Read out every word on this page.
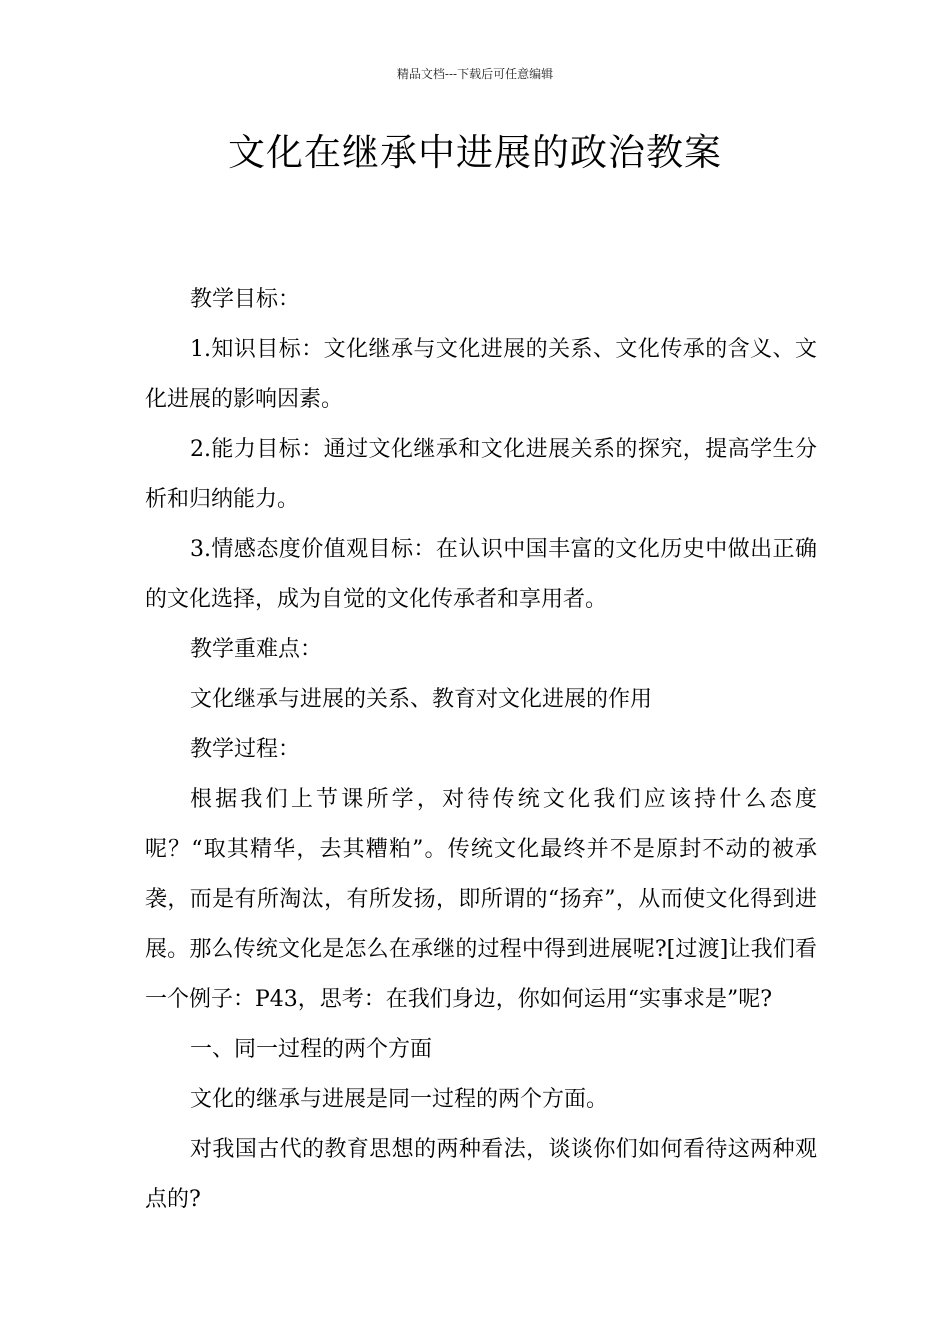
精品文档---下载后可任意编辑
文化在继承中进展的政治教案

教学目标：

1.知识目标：文化继承与文化进展的关系、文化传承的含义、文化进展的影响因素。

2.能力目标：通过文化继承和文化进展关系的探究，提高学生分析和归纳能力。

3.情感态度价值观目标：在认识中国丰富的文化历史中做出正确的文化选择，成为自觉的文化传承者和享用者。

教学重难点：

文化继承与进展的关系、教育对文化进展的作用

教学过程：

根据我们上节课所学，对待传统文化我们应该持什么态度呢？“取其精华，去其糟粕”。传统文化最终并不是原封不动的被承袭，而是有所淘汰，有所发扬，即所谓的“扬弃”，从而使文化得到进展。那么传统文化是怎么在承继的过程中得到进展呢?[过渡]让我们看一个例子：P43，思考：在我们身边，你如何运用“实事求是”呢?

一、同一过程的两个方面

文化的继承与进展是同一过程的两个方面。

对我国古代的教育思想的两种看法，谈谈你们如何看待这两种观点的?
